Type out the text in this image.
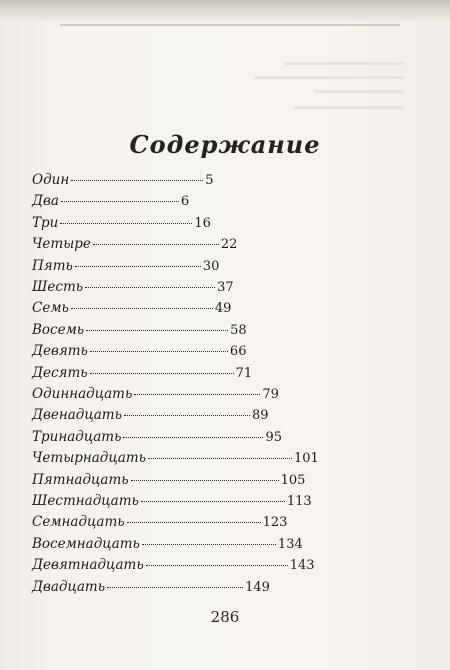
Содержание
Один	5
Два	6
Три	16
Четыре	22
Пять	30
Шесть	37
Семь	49
Восемь	58
Девять	66
Десять	71
Одиннадцать	79
Двенадцать	89
Тринадцать	95
Четырнадцать	101
Пятнадцать	105
Шестнадцать	113
Семнадцать	123
Восемнадцать	134
Девятнадцать	143
Двадцать	149
286
